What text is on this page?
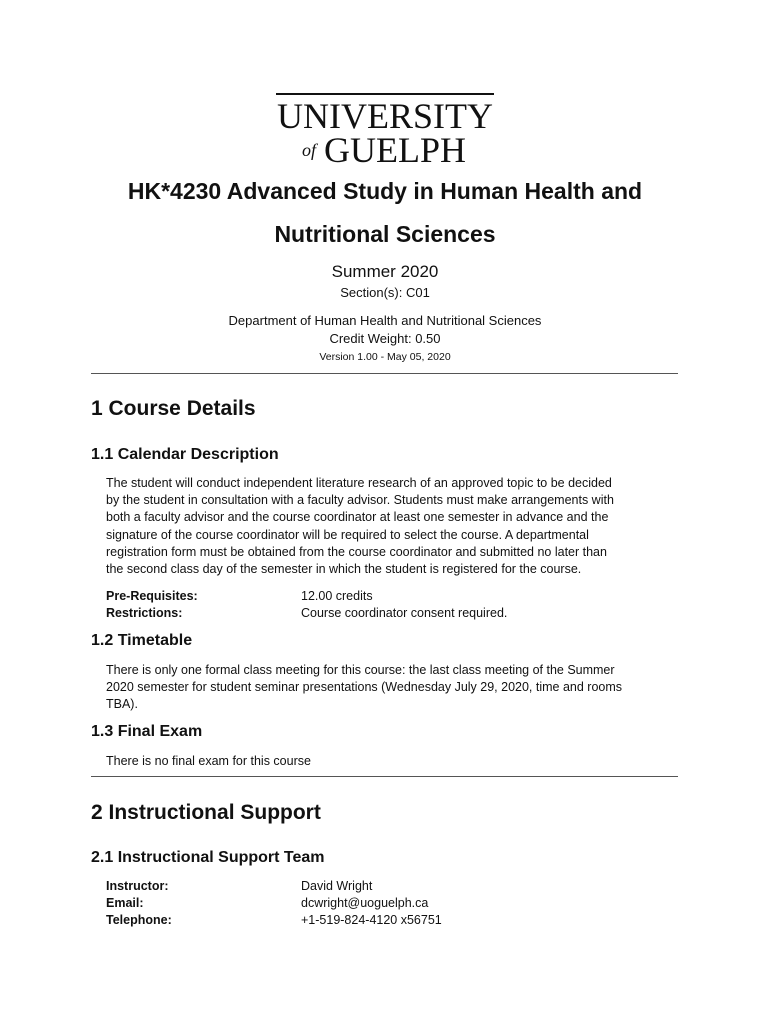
UNIVERSITY
of GUELPH
HK*4230 Advanced Study in Human Health and
Nutritional Sciences
Summer 2020
Section(s): C01
Department of Human Health and Nutritional Sciences
Credit Weight: 0.50
Version 1.00 - May 05, 2020
1 Course Details
1.1 Calendar Description
The student will conduct independent literature research of an approved topic to be decided
by the student in consultation with a faculty advisor. Students must make arrangements with
both a faculty advisor and the course coordinator at least one semester in advance and the
signature of the course coordinator will be required to select the course. A departmental
registration form must be obtained from the course coordinator and submitted no later than
the second class day of the semester in which the student is registered for the course.
Pre-Requisites:	12.00 credits
Restrictions:	Course coordinator consent required.
1.2 Timetable
There is only one formal class meeting for this course: the last class meeting of the Summer
2020 semester for student seminar presentations (Wednesday July 29, 2020, time and rooms
TBA).
1.3 Final Exam
There is no final exam for this course
2 Instructional Support
2.1 Instructional Support Team
Instructor:	David Wright
Email:	dcwright@uoguelph.ca
Telephone:	+1-519-824-4120 x56751
